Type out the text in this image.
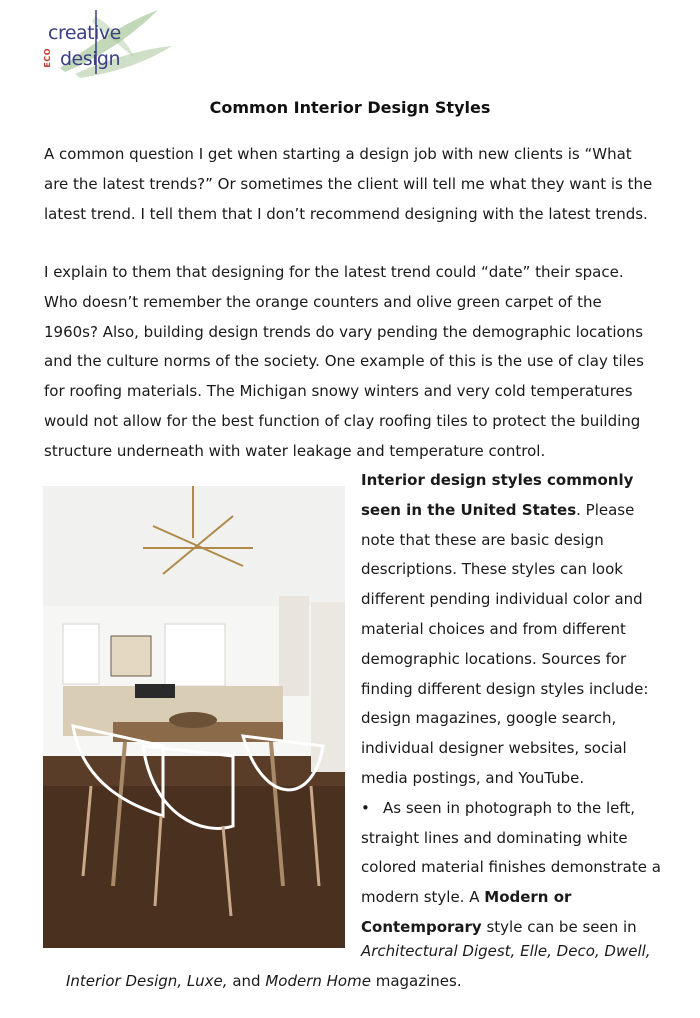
creative
design
ECO
Common Interior Design Styles

A common question I get when starting a design job with new clients is “What are the latest trends?” Or sometimes the client will tell me what they want is the latest trend. I tell them that I don’t recommend designing with the latest trends.

I explain to them that designing for the latest trend could “date” their space. Who doesn’t remember the orange counters and olive green carpet of the 1960s? Also, building design trends do vary pending the demographic locations and the culture norms of the society. One example of this is the use of clay tiles for roofing materials. The Michigan snowy winters and very cold temperatures would not allow for the best function of clay roofing tiles to protect the building structure underneath with water leakage and temperature control.

Interior design styles commonly seen in the United States. Please note that these are basic design descriptions. These styles can look different pending individual color and material choices and from different demographic locations. Sources for finding different design styles include: design magazines, google search, individual designer websites, social media postings, and YouTube.
• As seen in photograph to the left, straight lines and dominating white colored material finishes demonstrate a modern style. A Modern or Contemporary style can be seen in
Architectural Digest, Elle, Deco, Dwell,
Interior Design, Luxe, and Modern Home magazines.
